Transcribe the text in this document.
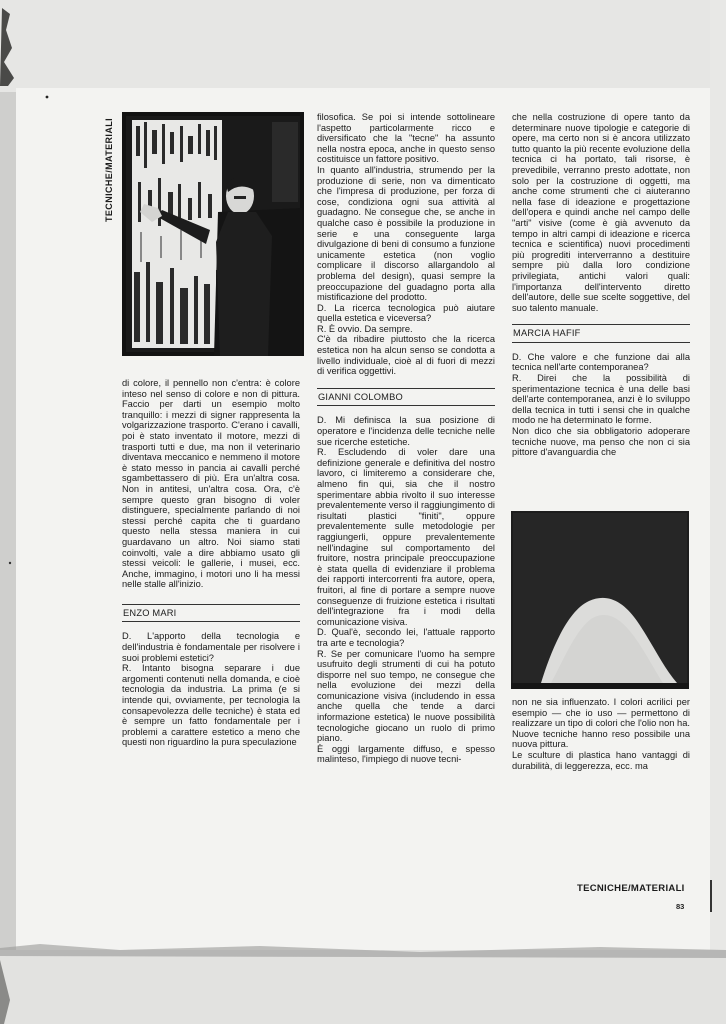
TECNICHE/MATERIALI

di colore, il pennello non c'entra: è colore inteso nel senso di colore e non di pittura. Faccio per darti un esempio molto tranquillo: i mezzi di signer rappresenta la volgarizzazione trasporto. C'erano i cavalli, poi è stato inventato il motore, mezzi di trasporti tutti e due, ma non il veterinario diventava meccanico e nemmeno il motore è stato messo in pancia ai cavalli perché sgambettassero di più. Era un'altra cosa. Non in antitesi, un'altra cosa. Ora, c'è sempre questo gran bisogno di voler distinguere, specialmente parlando di noi stessi perché capita che ti guardano questo nella stessa maniera in cui guardavano un altro. Noi siamo stati coinvolti, vale a dire abbiamo usato gli stessi veicoli: le gallerie, i musei, ecc. Anche, immagino, i motori uno li ha messi nelle stalle all'inizio.

ENZO MARI

D. L'apporto della tecnologia e dell'industria è fondamentale per risolvere i suoi problemi estetici?

R. Intanto bisogna separare i due argomenti contenuti nella domanda, e cioè tecnologia da industria. La prima (e si intende qui, ovviamente, per tecnologia la consapevolezza delle tecniche) è stata ed è sempre un fatto fondamentale per i problemi a carattere estetico a meno che questi non riguardino la pura speculazione

filosofica. Se poi si intende sottolineare l'aspetto particolarmente ricco e diversificato che la "tecne" ha assunto nella nostra epoca, anche in questo senso costituisce un fattore positivo.

In quanto all'industria, strumendo per la produzione di serie, non va dimenticato che l'impresa di produzione, per forza di cose, condiziona ogni sua attività al guadagno. Ne consegue che, se anche in qualche caso è possibile la produzione in serie e una conseguente larga divulgazione di beni di consumo a funzione unicamente estetica (non voglio complicare il discorso allargandolo al problema del design), quasi sempre la preoccupazione del guadagno porta alla mistificazione del prodotto.

D. La ricerca tecnologica può aiutare quella estetica e viceversa?

R. È ovvio. Da sempre.

C'è da ribadire piuttosto che la ricerca estetica non ha alcun senso se condotta a livello individuale, cioè al di fuori di mezzi di verifica oggettivi.

GIANNI COLOMBO

D. Mi definisca la sua posizione di operatore e l'incidenza delle tecniche nelle sue ricerche estetiche.

R. Escludendo di voler dare una definizione generale e definitiva del nostro lavoro, ci limiteremo a considerare che, almeno fin qui, sia che il nostro sperimentare abbia rivolto il suo interesse prevalentemente verso il raggiungimento di risultati plastici "finiti", oppure prevalentemente sulle metodologie per raggiungerli, oppure prevalentemente nell'indagine sul comportamento del fruitore, nostra principale preoccupazione è stata quella di evidenziare il problema dei rapporti intercorrenti fra autore, opera, fruitori, al fine di portare a sempre nuove conseguenze di fruizione estetica i risultati dell'integrazione fra i modi della comunicazione visiva.

D. Qual'è, secondo lei, l'attuale rapporto tra arte e tecnologia?

R. Se per comunicare l'uomo ha sempre usufruito degli strumenti di cui ha potuto disporre nel suo tempo, ne consegue che nella evoluzione dei mezzi della comunicazione visiva (includendo in essa anche quella che tende a darci informazione estetica) le nuove possibilità tecnologiche giocano un ruolo di primo piano.

È oggi largamente diffuso, e spesso malinteso, l'impiego di nuove tecni-

che nella costruzione di opere tanto da determinare nuove tipologie e categorie di opere, ma certo non si è ancora utilizzato tutto quanto la più recente evoluzione della tecnica ci ha portato, tali risorse, è prevedibile, verranno presto adottate, non solo per la costruzione di oggetti, ma anche come strumenti che ci aiuteranno nella fase di ideazione e progettazione dell'opera e quindi anche nel campo delle "arti" visive (come è già avvenuto da tempo in altri campi di ideazione e ricerca tecnica e scientifica) nuovi procedimenti più progrediti interverranno a destituire sempre più dalla loro condizione privilegiata, antichi valori quali: l'importanza dell'intervento diretto dell'autore, delle sue scelte soggettive, del suo talento manuale.

MARCIA HAFIF

D. Che valore e che funzione dai alla tecnica nell'arte contemporanea?

R. Direi che la possibilità di sperimentazione tecnica è una delle basi dell'arte contemporanea, anzi è lo sviluppo della tecnica in tutti i sensi che in qualche modo ne ha determinato le forme.

Non dico che sia obbligatorio adoperare tecniche nuove, ma penso che non ci sia pittore d'avanguardia che

non ne sia influenzato. I colori acrilici per esempio — che io uso — permettono di realizzare un tipo di colori che l'olio non ha. Nuove tecniche hanno reso possibile una nuova pittura.

Le sculture di plastica hano vantaggi di durabilità, di leggerezza, ecc. ma

TECNICHE/MATERIALI
83
